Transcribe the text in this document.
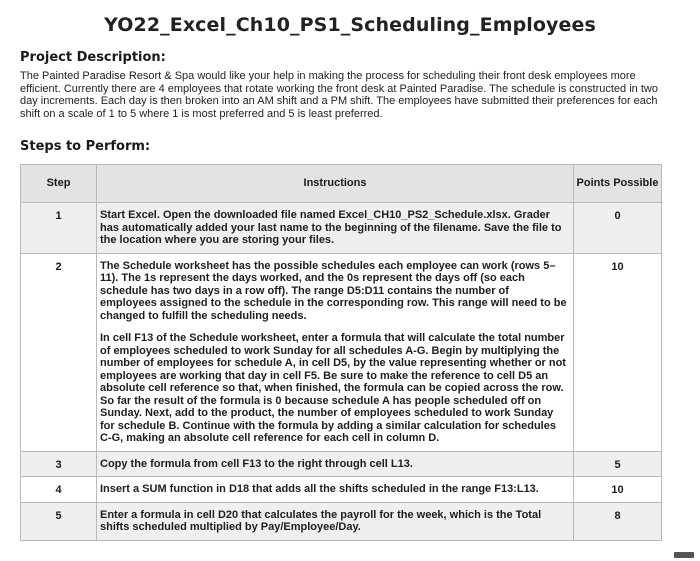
YO22_Excel_Ch10_PS1_Scheduling_Employees
Project Description:
The Painted Paradise Resort & Spa would like your help in making the process for scheduling their front desk employees more efficient. Currently there are 4 employees that rotate working the front desk at Painted Paradise. The schedule is constructed in two day increments. Each day is then broken into an AM shift and a PM shift. The employees have submitted their preferences for each shift on a scale of 1 to 5 where 1 is most preferred and 5 is least preferred.
Steps to Perform:
Step	Instructions	Points Possible
1	Start Excel. Open the downloaded file named Excel_CH10_PS2_Schedule.xlsx. Grader has automatically added your last name to the beginning of the filename. Save the file to the location where you are storing your files.	0
2	The Schedule worksheet has the possible schedules each employee can work (rows 5–11). The 1s represent the days worked, and the 0s represent the days off (so each schedule has two days in a row off). The range D5:D11 contains the number of employees assigned to the schedule in the corresponding row. This range will need to be changed to fulfill the scheduling needs.

In cell F13 of the Schedule worksheet, enter a formula that will calculate the total number of employees scheduled to work Sunday for all schedules A-G. Begin by multiplying the number of employees for schedule A, in cell D5, by the value representing whether or not employees are working that day in cell F5. Be sure to make the reference to cell D5 an absolute cell reference so that, when finished, the formula can be copied across the row. So far the result of the formula is 0 because schedule A has people scheduled off on Sunday. Next, add to the product, the number of employees scheduled to work Sunday for schedule B. Continue with the formula by adding a similar calculation for schedules C-G, making an absolute cell reference for each cell in column D.	10
3	Copy the formula from cell F13 to the right through cell L13.	5
4	Insert a SUM function in D18 that adds all the shifts scheduled in the range F13:L13.	10
5	Enter a formula in cell D20 that calculates the payroll for the week, which is the Total shifts scheduled multiplied by Pay/Employee/Day.	8
